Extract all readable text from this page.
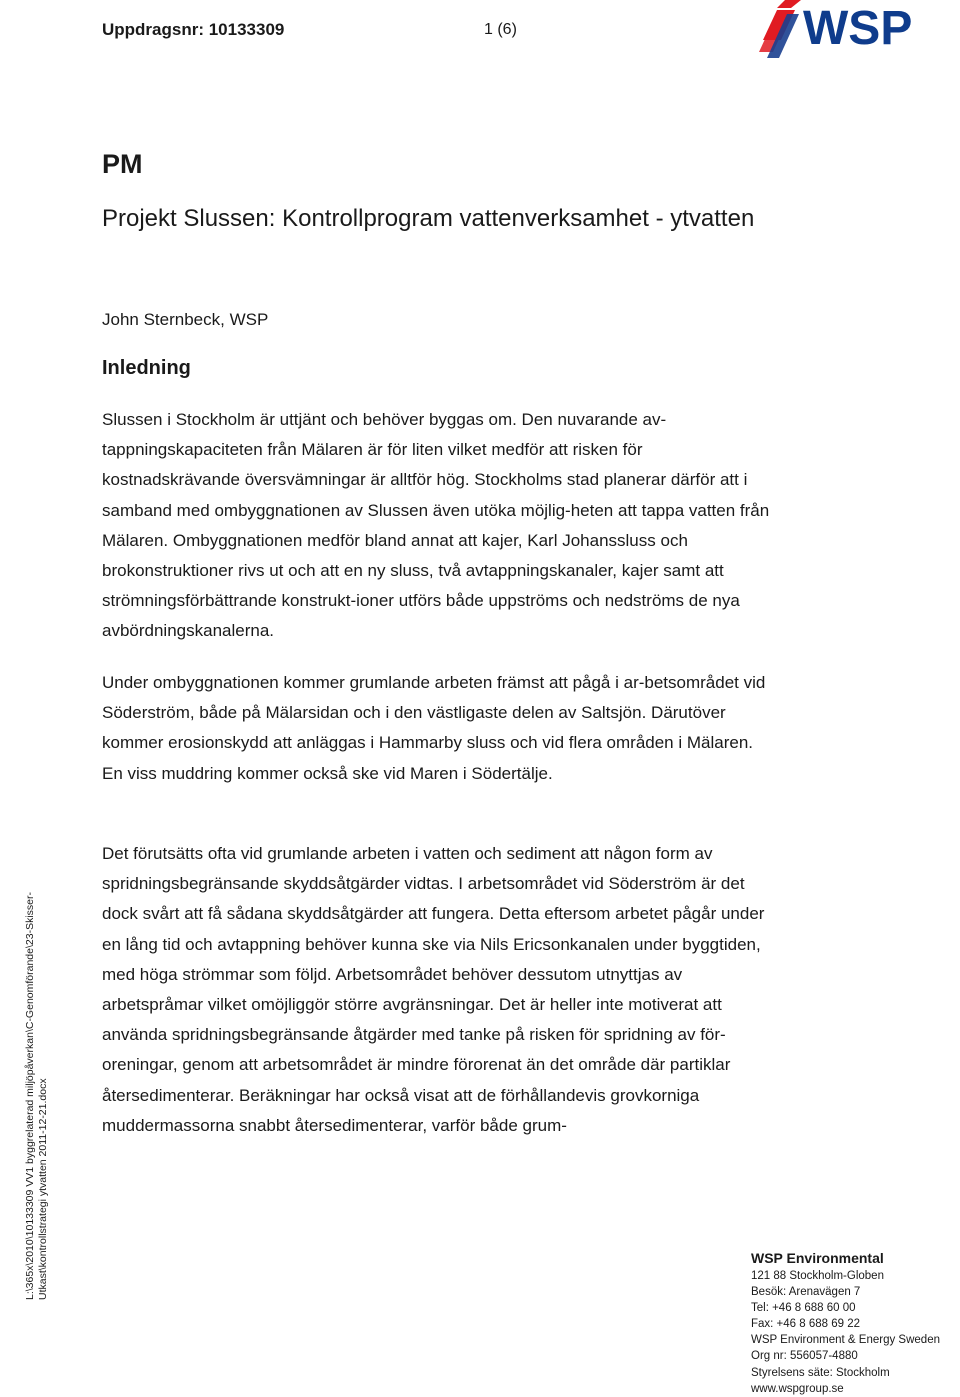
Uppdragsnr: 10133309	1 (6)	WSP
PM
Projekt Slussen: Kontrollprogram vattenverksamhet - ytvatten
John Sternbeck, WSP
Inledning

Slussen i Stockholm är uttjänt och behöver byggas om. Den nuvarande av-tappningskapaciteten från Mälaren är för liten vilket medför att risken för kostnadskrävande översvämningar är alltför hög. Stockholms stad planerar därför att i samband med ombyggnationen av Slussen även utöka möjlig-heten att tappa vatten från Mälaren. Ombyggnationen medför bland annat att kajer, Karl Johanssluss och brokonstruktioner rivs ut och att en ny sluss, två avtappningskanaler, kajer samt att strömningsförbättrande konstrukt-ioner utförs både uppströms och nedströms de nya avbördningskanalerna.

Under ombyggnationen kommer grumlande arbeten främst att pågå i ar-betsområdet vid Söderström, både på Mälarsidan och i den västligaste delen av Saltsjön. Därutöver kommer erosionskydd att anläggas i Hammarby sluss och vid flera områden i Mälaren. En viss muddring kommer också ske vid Maren i Södertälje.

Det förutsätts ofta vid grumlande arbeten i vatten och sediment att någon form av spridningsbegränsande skyddsåtgärder vidtas. I arbetsområdet vid Söderström är det dock svårt att få sådana skyddsåtgärder att fungera. Detta eftersom arbetet pågår under en lång tid och avtappning behöver kunna ske via Nils Ericsonkanalen under byggtiden, med höga strömmar som följd. Arbetsområdet behöver dessutom utnyttjas av arbetspråmar vilket omöjliggör större avgränsningar. Det är heller inte motiverat att använda spridningsbegränsande åtgärder med tanke på risken för spridning av för-oreningar, genom att arbetsområdet är mindre förorenat än det område där partiklar återsedimenterar. Beräkningar har också visat att de förhållandevis grovkorniga muddermassorna snabbt återsedimenterar, varför både grum-

L:\365x\2010\10133309 VV1 byggrelaterad miljöpåverkan\C-Genomförande\23-Skisser- Utkast\kontrollstrategi ytvatten 2011-12-21.docx	WSP Environmental
121 88 Stockholm-Globen
Besök: Arenavägen 7
Tel: +46 8 688 60 00
Fax: +46 8 688 69 22
WSP Environment & Energy Sweden
Org nr: 556057-4880
Styrelsens säte: Stockholm
www.wspgroup.se
